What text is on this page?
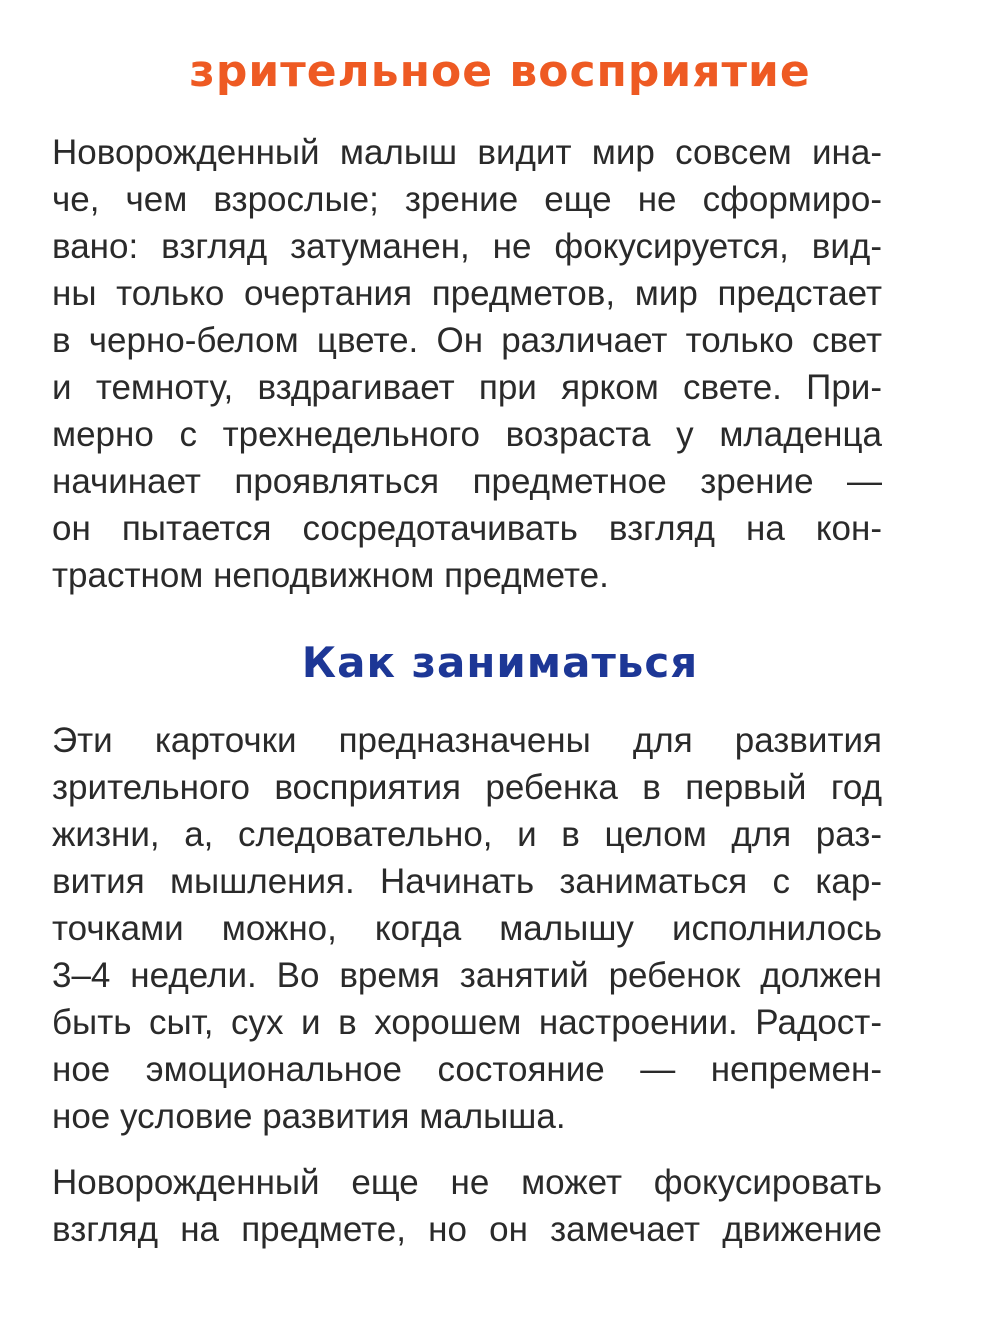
зрительное восприятие
Новорожденный малыш видит мир совсем ина-
че, чем взрослые; зрение еще не сформиро-
вано: взгляд затуманен, не фокусируется, вид-
ны только очертания предметов, мир предстает
в черно-белом цвете. Он различает только свет
и темноту, вздрагивает при ярком свете. При-
мерно с трехнедельного возраста у младенца
начинает проявляться предметное зрение —
он пытается сосредотачивать взгляд на кон-
трастном неподвижном предмете.
Как заниматься
Эти карточки предназначены для развития
зрительного восприятия ребенка в первый год
жизни, а, следовательно, и в целом для раз-
вития мышления. Начинать заниматься с кар-
точками можно, когда малышу исполнилось
3–4 недели. Во время занятий ребенок должен
быть сыт, сух и в хорошем настроении. Радост-
ное эмоциональное состояние — непремен-
ное условие развития малыша.
Новорожденный еще не может фокусировать
взгляд на предмете, но он замечает движение
